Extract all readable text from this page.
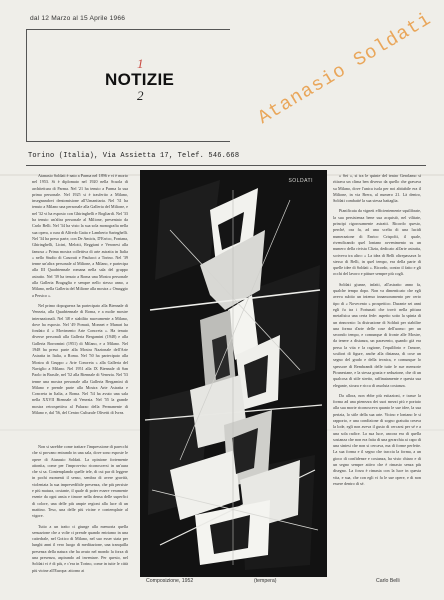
dal 12 Marzo al 15 Aprile 1966
1
NOTIZIE
2
Torino (Italia), Via Assietta 17, Telef. 546.668
Atanasio Soldati

Atanasio Soldati è nato a Parma nel 1896 e vi è morto nel 1953. Si è diplomato nel 1920 nella Scuola di architettura di Parma. Nel '21 ha tenuto a Parma la sua prima personale. Nel 1925 si è trasferito a Milano, insegnandovi dentomisione all'Umanitaria. Nel '31 ha tenuto a Milano una personale alla Galleria del Milione, e nel '32 vi ha esposto con Ghiringhelli e Bogliardi. Nel '33 ha tenuto un'altra personale al Milione, presentato da Carlo Belli. Nel '34 ha visto la sua sola monografia nella sua opera, a cura di Alfredo Gatta e Lamberto Saringhelli. Nel '34 ha preso parte, con De Amicis, D'Errico, Fontana, Ghiringhelli, Licini, Melotti, Reggiani e Veronesi alla famosa « Prima mostra collettiva di arte astratta in Italia » nello Studio di Casorati e Paulucci a Torino. Nel '39 tenne un'altra personale al Milione, a Milano, e partecipa alla III Quadriennale romana nella sala del gruppo astratto. Nel '39 ha tenuto a Roma una Mostra personale alla Galleria Bragaglia e sempre nello stesso anno, a Milano, nella Galleria del Milione alla mostra « Omaggio a Persico ».

Nel primo dopoguerra ha partecipato alla Biennale di Venezia, alla Quadriennale di Roma, e a molte mostre internazionali. Nel '48 e stabilito nuovamente a Milano, dove ha esposto. Nel '49 Pomati, Monnet e Munari ha fondato il « Movimento Arte Concreta ». Ha tenuto diverse personali alla Galleria Bergamini (1948) e alla Galleria Borromini (1951) di Milano, e a Milano. Nel 1948 ha preso parte alla Mostra Nazionale dell'Arte Astratta in Italia, a Roma. Nel '50 ha partecipato alla Mostra di Gruppo « Arte Concreta » alla Galleria del Naviglio a Milano. Nel 1951 alla IX Biennale di San Paolo in Brasile, nel '52 alla Biennale di Venezia. Nel '53 tenne una mostra personale alla Galleria Bergamini di Milano e prende parte alla Mostra Arte Astratta e Concreta in Italia, a Roma. Nel '54 ha avuto una sala nella XXVII Biennale di Venezia. Nel '55 la grande mostra retrospettiva al Palazzo della Permanente di Milano e, dal '56, del Centro Culturale Olivetti di Ivrea.

Non si sarebbe come trattare l'impressione di parecchi che si provano entrando in una sala, dove sono esposte le opere di Atanasio Soldati. La opinione fortemente attonita, come per l'improvviso riconoscersi in un'aura che si sa. Contemplando quelle tele, di cui par di leggere in pochi momenti il senso, sembra di avere gravità, violentata la sua imprevedibile presenza, che più persiste e più matura, costante, il quale di poter essere veramente esente da ogni ansia e timore nella densa delle superfici di colore, una delle più ampie regioni alla luce di un mattino. Teso, una delle più vicine e contemplate al vigore.

Tutto a un tratto ci giunge alla memoria quella sensazione che a volte ci prende quando entriamo in una cattedrale, nel Gotico di Milano, nel suo esser stata per lunghi anni il vero luogo di meditazione, una tranquilla presenza della natura che ha avuto nel mondo la forza di una presenza, aspirando ad inventare. Per questo, nel Soldati vi è di più, e c'era in Torino, come in tutte le città più vicine all'Europa: attorno ai

« Sei », si tra le quinte del teatro Gerolamo si ritirava un clima ben diverso da quello che gravava su Milano, dove l'unica isola per noi abitabile era il Milione, in via Brera, al numero 21. Là dentro, Soldati combatté la sua stessa battaglia.

Pianificata da vigneti efficientemente squilibrate, la sua persistenza bene sua acquistò, nel vilitate, principi rigorosamente astratti. Ricordo questo, perché, ora fa, ad una scelta di una lucidi numerazione di Enrico Crispolti, il quale, rivendicando quel lontano avvenimento su un numero della rivista Clizia, dedicato all'arte astratta, scriveva tra altro: « La idea di Belli oltrepassava lo stesso di Belli, in quel tempo, era della parte di quelle idee di Soldati ». Ricordo, contro il fatto e gli occhi del lavoro e pitture sempre più cogli.

Soldati giunse, infatti, all'astratto anno fa, qualche tempo dopo. Non va dimenticato che egli aveva subito un intenso innamoramento per certo tipo di « Novecento » prospettico. Durante sei anni egli fu tra i Fortunati che trovò nella pittura metafisica una certa fede: aspetto sotto la spinta di un rinnovato: la distruzione di Soldati per stabilire una forma d'arte delle cose dell'uomo: per un secondo tempo, e comunque di fronte alle Mostre, da tenere a distanza, un paravento, quando già era persa la vita e la ragione, l'equilibrio e l'amore, scultori di figure, anche alla distanza, di cose un segno del grado e della tecnica, e comunque lo spessore di Rembrandt delle tutte le sue memorie Piranesiane, e la stessa grazia e seduzione, che di un qualcosa di stile stretto, raffinatamente e questa sua elegante, sicura e ricca di assoluta costanza.

Da allora, non ebbe più esitazioni, e trasse la forma ad una pienezza dei suoi mezzi più e portato alla sua morte riconosceva quanto le sue idee, la sua perizia, lo stile della sua arte. Vicino e lontano le si rapporto, e una condizione di sogno gratuita creava la lode, egli non aveva il gusto di cercarsi per sé e a una sola radice. La sua luce, ancora era di quella sostanza che non era fatta di una gerarchia ai capo di una sintesi che non si cercava, ma di forme perfette. La sua forma e il segno che traccia la forma, a un gioco di confidenze e costanza, ha visto chiaro e di un segno sempre attivo che è rimasto senza più disegno. La forza è rimasta con la luce in questa vita, e sua, che con egli vi fa le sue opere, e di non essere dentro di sé.

SOLDATI
Composizione, 1952	(tempera)	Carlo Belli
